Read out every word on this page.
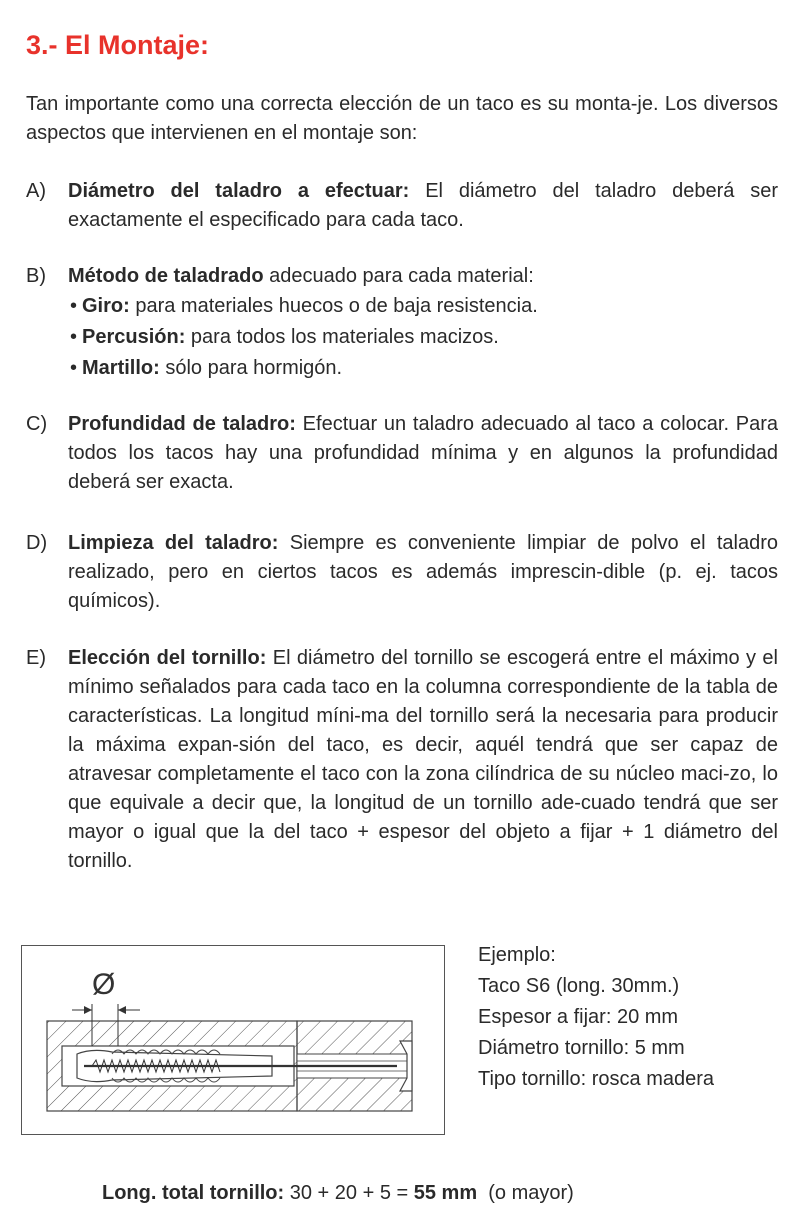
3.- El Montaje:

Tan importante como una correcta elección de un taco es su monta-je. Los diversos aspectos que intervienen en el montaje son:

A) Diámetro del taladro a efectuar: El diámetro del taladro deberá ser exactamente el especificado para cada taco.
B) Método de taladrado adecuado para cada material:
• Giro: para materiales huecos o de baja resistencia.
• Percusión: para todos los materiales macizos.
• Martillo: sólo para hormigón.
C) Profundidad de taladro: Efectuar un taladro adecuado al taco a colocar. Para todos los tacos hay una profundidad mínima y en algunos la profundidad deberá ser exacta.
D) Limpieza del taladro: Siempre es conveniente limpiar de polvo el taladro realizado, pero en ciertos tacos es además imprescin-dible (p. ej. tacos químicos).
E) Elección del tornillo: El diámetro del tornillo se escogerá entre el máximo y el mínimo señalados para cada taco en la columna correspondiente de la tabla de características. La longitud míni-ma del tornillo será la necesaria para producir la máxima expan-sión del taco, es decir, aquél tendrá que ser capaz de atravesar completamente el taco con la zona cilíndrica de su núcleo maci-zo, lo que equivale a decir que, la longitud de un tornillo ade-cuado tendrá que ser mayor o igual que la del taco + espesor del objeto a fijar + 1 diámetro del tornillo.
Ø
Ejemplo:
Taco S6 (long. 30mm.)
Espesor a fijar: 20 mm
Diámetro tornillo: 5 mm
Tipo tornillo: rosca madera
Long. total tornillo: 30 + 20 + 5 = 55 mm  (o mayor)
